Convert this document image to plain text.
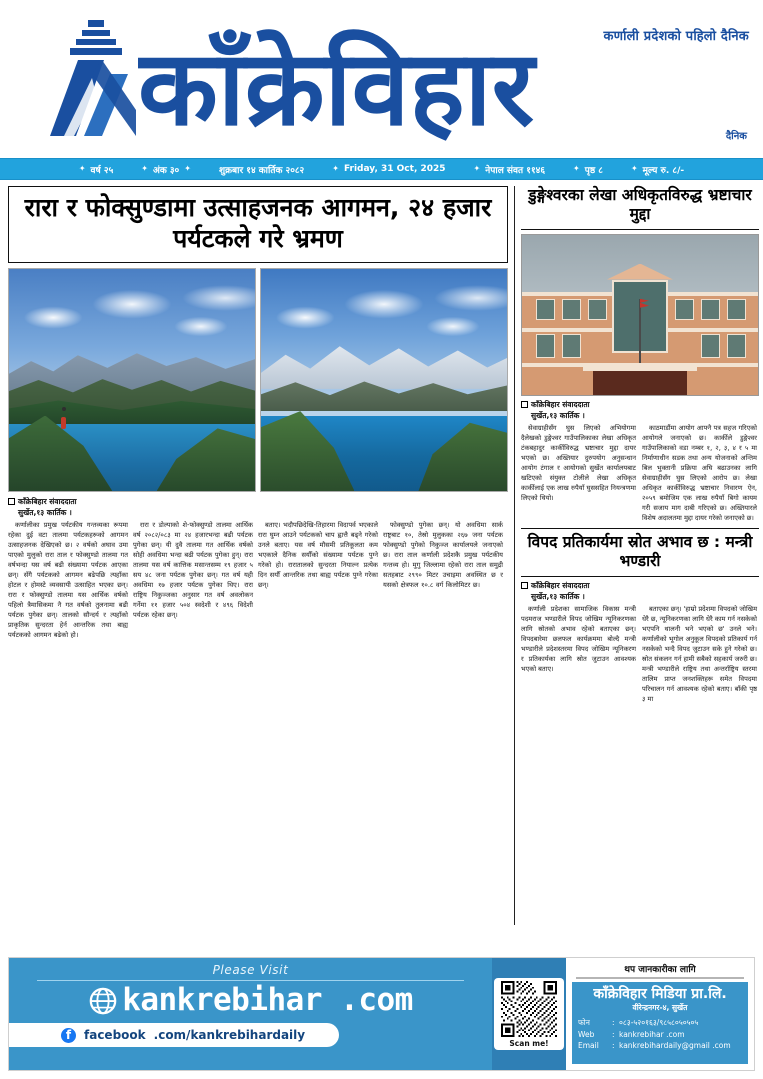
काँक्रेविहार	कर्णाली प्रदेशको पहिलो दैनिक
दैनिक
✦ वर्ष २५	✦ अंक ३० ✦	शुक्रबार १४ कार्तिक २०८२	✦ Friday, 31 Oct, 2025	✦ नेपाल संवत ११४६	✦ पृष्ठ ८	✦ मूल्य रु. ८/-
रारा र फोक्सुण्डामा उत्साहजनक आगमन, २४ हजार पर्यटकले गरे भ्रमण
काँक्रेबिहार संवाददाता
सुर्खेत,१३ कार्तिक ।

कर्णालीका प्रमुख पर्यटकीय गन्तव्यका रूपमा रहेका दुई वटा तालमा पर्यटकहरूको आगमन उत्साहजनक देखिएको छ। २ वर्षको अघाव उमा पाएको मुलुको रारा ताल र फोक्सुण्डो तालमा गत वर्षभन्दा यस वर्ष बढी संख्यामा पर्यटक आएका छन्। सँगै पर्यटकको आगमन बढेपछि त्यहाँका होटल र होमस्टे व्यवसायी उत्साहित भएका छन्। रारा र फोक्सुण्डो तालमा यस आर्थिक वर्षको पहिलो त्रैमासिकमा नै गत वर्षको तुलनामा बढी पर्यटक पुगेका छन्। तालको सौन्दर्य र त्यहाँको प्राकृतिक सुन्दरता हेर्न आन्तरिक तथा बाह्य पर्यटकको आगमन बढेको हो।

रारा र डोल्पाको शे-फोक्सुण्डो तालमा आर्थिक वर्ष २०८२/०८३ मा २४ हजारभन्दा बढी पर्यटक पुगेका छन्। यी दुवै तालमा गत आर्थिक वर्षको सोही अवधिमा भन्दा बढी पर्यटक पुगेका हुन्। रारा तालमा यस वर्ष कात्तिक मसान्तसम्म १९ हजार ५ सय ४८ जना पर्यटक पुगेका छन्। गत वर्ष यही अवधिमा १७ हजार पर्यटक पुगेका थिए। रारा राष्ट्रिय निकुञ्जका अनुसार गत वर्ष अवलोकन गर्नेमा ११ हजार ५०४ स्वदेशी र ४९६ विदेशी पर्यटक रहेका छन्।

बताए। भदौपछिदेखि-तिहारमा विदापर्व भएकाले रारा घुम्न आउने पर्यटकको चाप ह्वात्तै बढ्ने गरेको उनले बताए। यस वर्ष मौसमी प्रतिकूलता कम भएकाले दैनिक सयौँको संख्यामा पर्यटक पुग्ने गरेको हो। रारातालको सुन्दरता नियाल्न प्रत्येक दिन सयौँ आन्तरिक तथा बाह्य पर्यटक पुग्ने गरेका छन्।

फोक्सुण्डो पुगेका छन्। यो अवधिमा सार्क राष्ट्रबाट १०, तेस्रो मुलुकका २६७ जना पर्यटक फोक्सुण्डो पुगेको निकुञ्ज कार्यालयले जनाएको छ। रारा ताल कर्णाली प्रदेशकै प्रमुख पर्यटकीय गन्तव्य हो। मुगु जिल्लामा रहेको रारा ताल समुद्री सतहबाट २९९० मिटर उचाइमा अवस्थित छ र यसको क्षेत्रफल १०.८ वर्ग किलोमिटर छ।

डुङ्गेश्वरका लेखा अधिकृतविरुद्ध भ्रष्टाचार मुद्दा
काँक्रेबिहार संवाददाता
सुर्खेत,१३ कार्तिक ।

सेवाग्राहीसँग घुस लिएको अभियोगमा दैलेखको डुङ्गेश्वर गाउँपालिकाका लेखा अधिकृत टंकबहादुर कार्कीविरुद्ध भ्रष्टाचार मुद्दा दायर भएको छ। अख्तियार दुरुपयोग अनुसन्धान आयोग टंगाल र आयोगको सुर्खेत कार्यालयबाट खटिएको संयुक्त टोलीले लेखा अधिकृत कार्कीलाई एक लाख रुपैयाँ घुससहित नियन्त्रणमा लिएको थियो।

काठमाडौंमा आयोग आफ्नै पत्र सहज गरिएको आयोगले जनाएको छ। कार्कीले डुङ्गेश्वर गाउँपालिकाको वडा नम्बर १, २, ३, ४ र ५ मा निर्माणाधीन सडक तथा अन्य योजनाको अन्तिम बिल भुक्तानी प्रक्रिया अघि बढाउनका लागि सेवाग्राहीसँग घुस लिएको आरोप छ। लेखा अधिकृत कार्कीविरुद्ध भ्रष्टाचार निवारण ऐन, २०५९ बमोजिम एक लाख रुपैयाँ बिगो कायम गरी सजाय माग दाबी गरिएको छ। अख्तियारले विशेष अदालतमा मुद्दा दायर गरेको जनाएको छ।

विपद प्रतिकार्यमा स्रोत अभाव छ : मन्त्री भण्डारी
काँक्रेबिहार संवाददाता
सुर्खेत,१३ कार्तिक ।

कर्णाली प्रदेशका सामाजिक विकास मन्त्री पदमराज भण्डारीले विपद जोखिम न्यूनिकरणका लागि स्रोतको अभाव रहेको बताएका छन्। विपदबारेमा छलफल कार्यक्रममा बोल्दै मन्त्री भण्डारीले प्रदेशस्तरमा विपद जोखिम न्यूनिकरण र प्रतिकार्यका लागि स्रोत जुटाउन आवश्यक भएको बताए।

बताएका छन्। 'हाम्रो प्रदेशमा विपदको जोखिम धेरै छ, न्यूनिकरणका लागि धेरै काम गर्न नसकेको भएपनि थालनी भने भएको छ' उनले भने। कर्णालीको भूगोल अनुकूल विपदको प्रतिकार्य गर्न नसकेको भन्दै विपद जुटाउन सके हुने गरेको छ। स्रोत संकलन गर्न हामी सबैको सहकार्य जरुरी छ। मन्त्री भण्डारीले राष्ट्रिय तथा अन्तर्राष्ट्रिय स्तरमा तालिम प्राप्त जनशक्तिहरू समेत विपदमा परिचालन गर्न आवश्यक रहेको बताए। बाँकी पृष्ठ ३ मा

Please Visit
kankrebihar .com
f	facebook .com/kankrebihardaily
Scan me!
थप जानकारीका लागि
काँक्रेविहार मिडिया प्रा.लि.
वीरेन्द्रनगर-४, सुर्खेत
फोन	: ०८३-५२०१६३/९८५८०५०५०५
Web	: kankrebihar .com
Email	: kankrebihardaily@gmail .com
